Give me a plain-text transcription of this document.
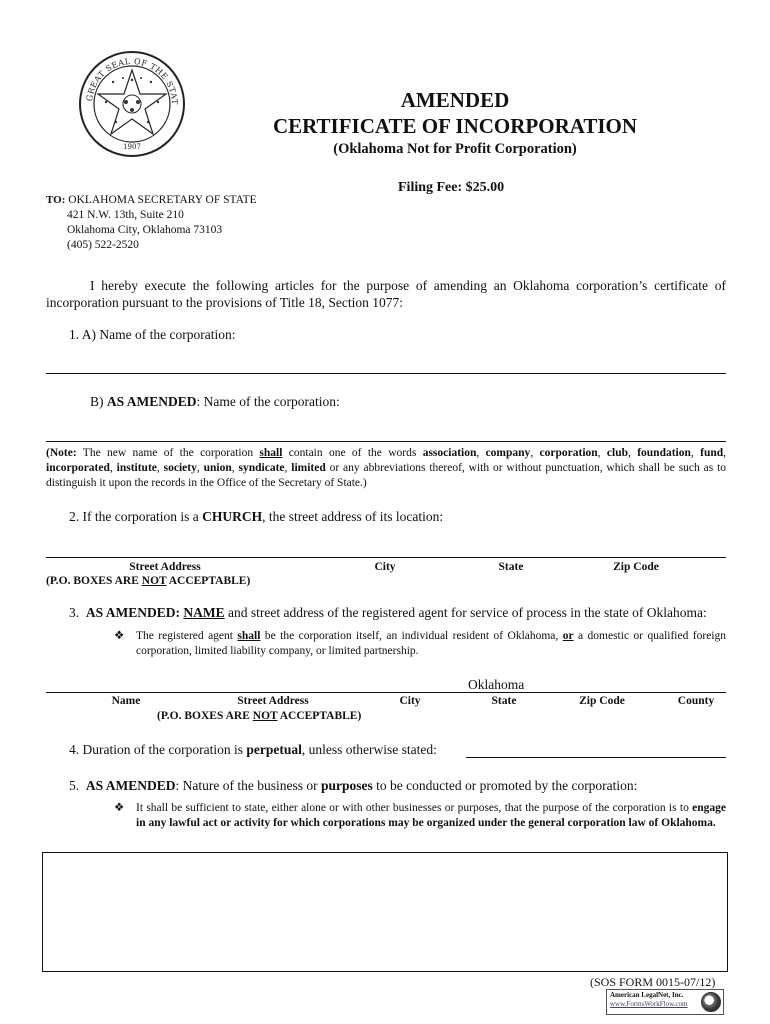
GREAT SEAL OF THE STAT
1907
AMENDED
CERTIFICATE OF INCORPORATION
(Oklahoma Not for Profit Corporation)
Filing Fee: $25.00
TO: OKLAHOMA SECRETARY OF STATE
421 N.W. 13th, Suite 210
Oklahoma City, Oklahoma 73103
(405) 522-2520
I hereby execute the following articles for the purpose of amending an Oklahoma corporation’s certificate of incorporation pursuant to the provisions of Title 18, Section 1077:
1. A) Name of the corporation:
B) AS AMENDED: Name of the corporation:
(Note: The new name of the corporation shall contain one of the words association, company, corporation, club, foundation, fund, incorporated, institute, society, union, syndicate, limited or any abbreviations thereof, with or without punctuation, which shall be such as to distinguish it upon the records in the Office of the Secretary of State.)
2. If the corporation is a CHURCH, the street address of its location:
Street Address	City	State	Zip Code
(P.O. BOXES ARE NOT ACCEPTABLE)
3. AS AMENDED: NAME and street address of the registered agent for service of process in the state of Oklahoma:
❖	The registered agent shall be the corporation itself, an individual resident of Oklahoma, or a domestic or qualified foreign corporation, limited liability company, or limited partnership.
Oklahoma
Name	Street Address	City	State	Zip Code	County
(P.O. BOXES ARE NOT ACCEPTABLE)
4. Duration of the corporation is perpetual, unless otherwise stated:
5. AS AMENDED: Nature of the business or purposes to be conducted or promoted by the corporation:
❖	It shall be sufficient to state, either alone or with other businesses or purposes, that the purpose of the corporation is to engage in any lawful act or activity for which corporations may be organized under the general corporation law of Oklahoma.
(SOS FORM 0015-07/12)
American LegalNet, Inc.
www.FormsWorkFlow.com
